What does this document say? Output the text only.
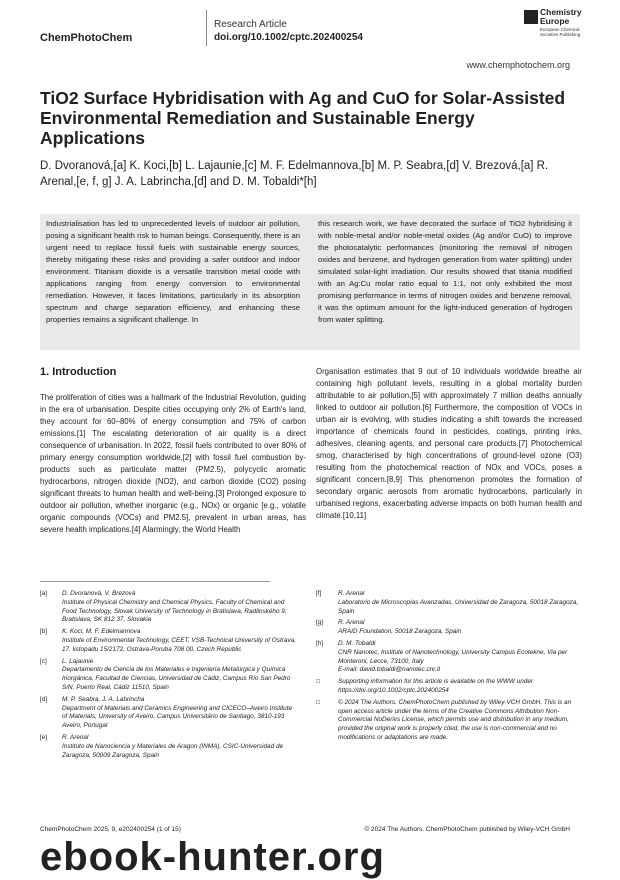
ChemPhotoChem
Research Article
doi.org/10.1002/cptc.202400254
Chemistry
Europe
European Chemical Societies Publishing
www.chemphotochem.org
TiO2 Surface Hybridisation with Ag and CuO for Solar-Assisted Environmental Remediation and Sustainable Energy Applications
D. Dvoranová,[a] K. Koci,[b] L. Lajaunie,[c] M. F. Edelmannova,[b] M. P. Seabra,[d] V. Brezová,[a] R. Arenal,[e, f, g] J. A. Labrincha,[d] and D. M. Tobaldi*[h]
Industrialisation has led to unprecedented levels of outdoor air pollution, posing a significant health risk to human beings. Consequently, there is an urgent need to replace fossil fuels with sustainable energy sources, thereby mitigating these risks and providing a safer outdoor and indoor environment. Titanium dioxide is a versatile transition metal oxide with applications ranging from energy conversion to environmental remediation. However, it faces limitations, particularly in its absorption spectrum and charge separation efficiency, and enhancing these properties remains a significant challenge. In
this research work, we have decorated the surface of TiO2 hybridising it with noble-metal and/or noble-metal oxides (Ag and/or CuO) to improve the photocatalytic performances (monitoring the removal of nitrogen oxides and benzene, and hydrogen generation from water splitting) under simulated solar-light irradiation. Our results showed that titania modified with an Ag:Cu molar ratio equal to 1:1, not only exhibited the most promising performance in terms of nitrogen oxides and benzene removal, it was the optimum amount for the light-induced generation of hydrogen from water splitting.
1. Introduction

The proliferation of cities was a hallmark of the Industrial Revolution, guiding in the era of urbanisation. Despite cities occupying only 2% of Earth's land, they account for 60–80% of energy consumption and 75% of carbon emissions.[1] The escalating deterioration of air quality is a direct consequence of urbanisation. In 2022, fossil fuels contributed to over 80% of primary energy consumption worldwide,[2] with fossil fuel combustion by-products such as particulate matter (PM2.5), polycyclic aromatic hydrocarbons, nitrogen dioxide (NO2), and carbon dioxide (CO2) posing significant threats to human health and well-being.[3] Prolonged exposure to outdoor air pollution, whether inorganic (e.g., NOx) or organic [e.g., volatile organic compounds (VOCs) and PM2.5], prevalent in urban areas, has severe health implications.[4] Alarmingly, the World Health

Organisation estimates that 9 out of 10 individuals worldwide breathe air containing high pollutant levels, resulting in a global mortality burden attributable to air pollution,[5] with approximately 7 million deaths annually linked to outdoor air pollution.[6] Furthermore, the composition of VOCs in urban air is evolving, with studies indicating a shift towards the increased importance of chemicals found in pesticides, coatings, printing inks, adhesives, cleaning agents, and personal care products.[7] Photochemical smog, characterised by high concentrations of ground-level ozone (O3) resulting from the photochemical reaction of NOx and VOCs, poses a significant concern.[8,9] This phenomenon promotes the formation of secondary organic aerosols from aromatic hydrocarbons, particularly in urbanised regions, exacerbating adverse impacts on both human health and climate.[10,11]

[a]	D. Dvoranová, V. Brezová
Institute of Physical Chemistry and Chemical Physics, Faculty of Chemical and Food Technology, Slovak University of Technology in Bratislava, Radlinského 9, Bratislava, SK 812 37, Slovakia
[b]	K. Koci, M. F. Edelmannova
Institute of Environmental Technology, CEET, VSB-Technical University of Ostrava, 17. listopadu 15/2172, Ostrava-Poruba 708 00, Czech Republic
[c]	L. Lajaunie
Departamento de Ciencia de los Materiales e Ingeniería Metalúrgica y Química Inorgánica, Facultad de Ciencias, Universidad de Cádiz, Campus Río San Pedro S/N, Puerto Real, Cádiz 11510, Spain
[d]	M. P. Seabra, J. A. Labrincha
Department of Materials and Ceramics Engineering and CICECO–Aveiro Institute of Materials, University of Aveiro, Campus Universitário de Santiago, 3810-193 Aveiro, Portugal
[e]	R. Arenal
Instituto de Nanociencia y Materiales de Aragon (INMA), CSIC-Universidad de Zaragoza, 50009 Zaragoza, Spain
[f]	R. Arenal
Laboratorio de Microscopias Avanzadas, Universidad de Zaragoza, 50018 Zaragoza, Spain
[g]	R. Arenal
ARAID Foundation, 50018 Zaragoza, Spain
[h]	D. M. Tobaldi
CNR Nanotec, Institute of Nanotechnology, University Campus Ecotekne, Via per Monteroni, Lecce, 73100, Italy
E-mail: david.tobaldi@nanotec.cnr.it
□	Supporting information for this article is available on the WWW under https://doi.org/10.1002/cptc.202400254
□	© 2024 The Authors. ChemPhotoChem published by Wiley-VCH GmbH. This is an open access article under the terms of the Creative Commons Attribution Non-Commercial NoDerivs License, which permits use and distribution in any medium, provided the original work is properly cited, the use is non-commercial and no modifications or adaptations are made.
ChemPhotoChem 2025, 9, e202400254 (1 of 15)	© 2024 The Authors. ChemPhotoChem published by Wiley-VCH GmbH
ebook-hunter.org
